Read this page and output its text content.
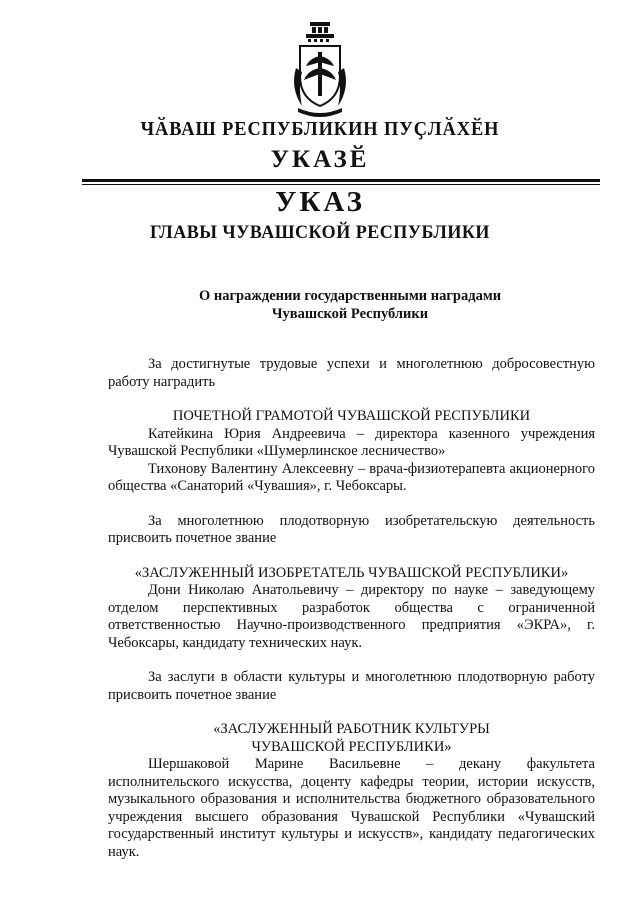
ЧӐВАШ РЕСПУБЛИКИН ПУҪЛӐХӖН
УКАЗӖ
УКАЗ
ГЛАВЫ ЧУВАШСКОЙ РЕСПУБЛИКИ
О награждении государственными наградами
Чувашской Республики

За достигнутые трудовые успехи и многолетнюю добросовестную работу наградить

ПОЧЕТНОЙ ГРАМОТОЙ ЧУВАШСКОЙ РЕСПУБЛИКИ

Катейкина Юрия Андреевича – директора казенного учреждения Чувашской Республики «Шумерлинское лесничество»

Тихонову Валентину Алексеевну – врача-физиотерапевта акционерного общества «Санаторий «Чувашия», г. Чебоксары.

За многолетнюю плодотворную изобретательскую деятельность присвоить почетное звание

«ЗАСЛУЖЕННЫЙ ИЗОБРЕТАТЕЛЬ ЧУВАШСКОЙ РЕСПУБЛИКИ»

Дони Николаю Анатольевичу – директору по науке – заведующему отделом перспективных разработок общества с ограниченной ответственностью Научно-производственного предприятия «ЭКРА», г. Чебоксары, кандидату технических наук.

За заслуги в области культуры и многолетнюю плодотворную работу присвоить почетное звание

«ЗАСЛУЖЕННЫЙ РАБОТНИК КУЛЬТУРЫ

ЧУВАШСКОЙ РЕСПУБЛИКИ»

Шершаковой Марине Васильевне – декану факультета исполнительского искусства, доценту кафедры теории, истории искусств, музыкального образования и исполнительства бюджетного образовательного учреждения высшего образования Чувашской Республики «Чувашский государственный институт культуры и искусств», кандидату педагогических наук.
